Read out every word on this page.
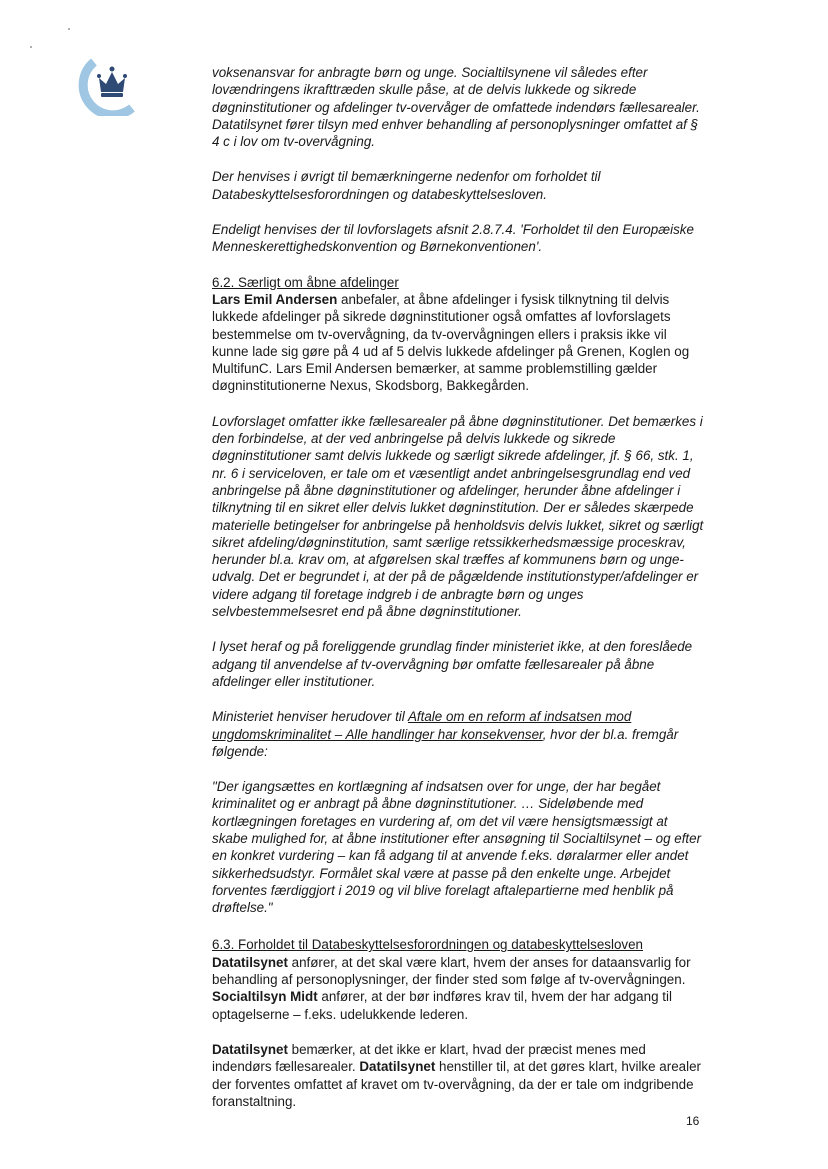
voksenansvar for anbragte børn og unge. Socialtilsynene vil således efter lovændringens ikrafttræden skulle påse, at de delvis lukkede og sikrede døgninstitutioner og afdelinger tv-overvåger de omfattede indendørs fællesarealer. Datatilsynet fører tilsyn med enhver behandling af personoplysninger omfattet af § 4 c i lov om tv-overvågning.

Der henvises i øvrigt til bemærkningerne nedenfor om forholdet til Databeskyttelsesforordningen og databeskyttelsesloven.

Endeligt henvises der til lovforslagets afsnit 2.8.7.4. 'Forholdet til den Europæiske Menneskerettighedskonvention og Børnekonventionen'.

6.2. Særligt om åbne afdelinger

Lars Emil Andersen anbefaler, at åbne afdelinger i fysisk tilknytning til delvis lukkede afdelinger på sikrede døgninstitutioner også omfattes af lovforslagets bestemmelse om tv-overvågning, da tv-overvågningen ellers i praksis ikke vil kunne lade sig gøre på 4 ud af 5 delvis lukkede afdelinger på Grenen, Koglen og MultifunC. Lars Emil Andersen bemærker, at samme problemstilling gælder døgninstitutionerne Nexus, Skodsborg, Bakkegården.

Lovforslaget omfatter ikke fællesarealer på åbne døgninstitutioner. Det bemærkes i den forbindelse, at der ved anbringelse på delvis lukkede og sikrede døgninstitutioner samt delvis lukkede og særligt sikrede afdelinger, jf. § 66, stk. 1, nr. 6 i serviceloven, er tale om et væsentligt andet anbringelsesgrundlag end ved anbringelse på åbne døgninstitutioner og afdelinger, herunder åbne afdelinger i tilknytning til en sikret eller delvis lukket døgninstitution. Der er således skærpede materielle betingelser for anbringelse på henholdsvis delvis lukket, sikret og særligt sikret afdeling/døgninstitution, samt særlige retssikkerhedsmæssige proceskrav, herunder bl.a. krav om, at afgørelsen skal træffes af kommunens børn og unge-udvalg. Det er begrundet i, at der på de pågældende institutionstyper/afdelinger er videre adgang til foretage indgreb i de anbragte børn og unges selvbestemmelsesret end på åbne døgninstitutioner.

I lyset heraf og på foreliggende grundlag finder ministeriet ikke, at den foreslåede adgang til anvendelse af tv-overvågning bør omfatte fællesarealer på åbne afdelinger eller institutioner.

Ministeriet henviser herudover til Aftale om en reform af indsatsen mod ungdomskriminalitet – Alle handlinger har konsekvenser, hvor der bl.a. fremgår følgende:

"Der igangsættes en kortlægning af indsatsen over for unge, der har begået kriminalitet og er anbragt på åbne døgninstitutioner. … Sideløbende med kortlægningen foretages en vurdering af, om det vil være hensigtsmæssigt at skabe mulighed for, at åbne institutioner efter ansøgning til Socialtilsynet – og efter en konkret vurdering – kan få adgang til at anvende f.eks. døralarmer eller andet sikkerhedsudstyr. Formålet skal være at passe på den enkelte unge. Arbejdet forventes færdiggjort i 2019 og vil blive forelagt aftalepartierne med henblik på drøftelse."

6.3. Forholdet til Databeskyttelsesforordningen og databeskyttelsesloven

Datatilsynet anfører, at det skal være klart, hvem der anses for dataansvarlig for behandling af personoplysninger, der finder sted som følge af tv-overvågningen. Socialtilsyn Midt anfører, at der bør indføres krav til, hvem der har adgang til optagelserne – f.eks. udelukkende lederen.

Datatilsynet bemærker, at det ikke er klart, hvad der præcist menes med indendørs fællesarealer. Datatilsynet henstiller til, at det gøres klart, hvilke arealer der forventes omfattet af kravet om tv-overvågning, da der er tale om indgribende foranstaltning.

16
